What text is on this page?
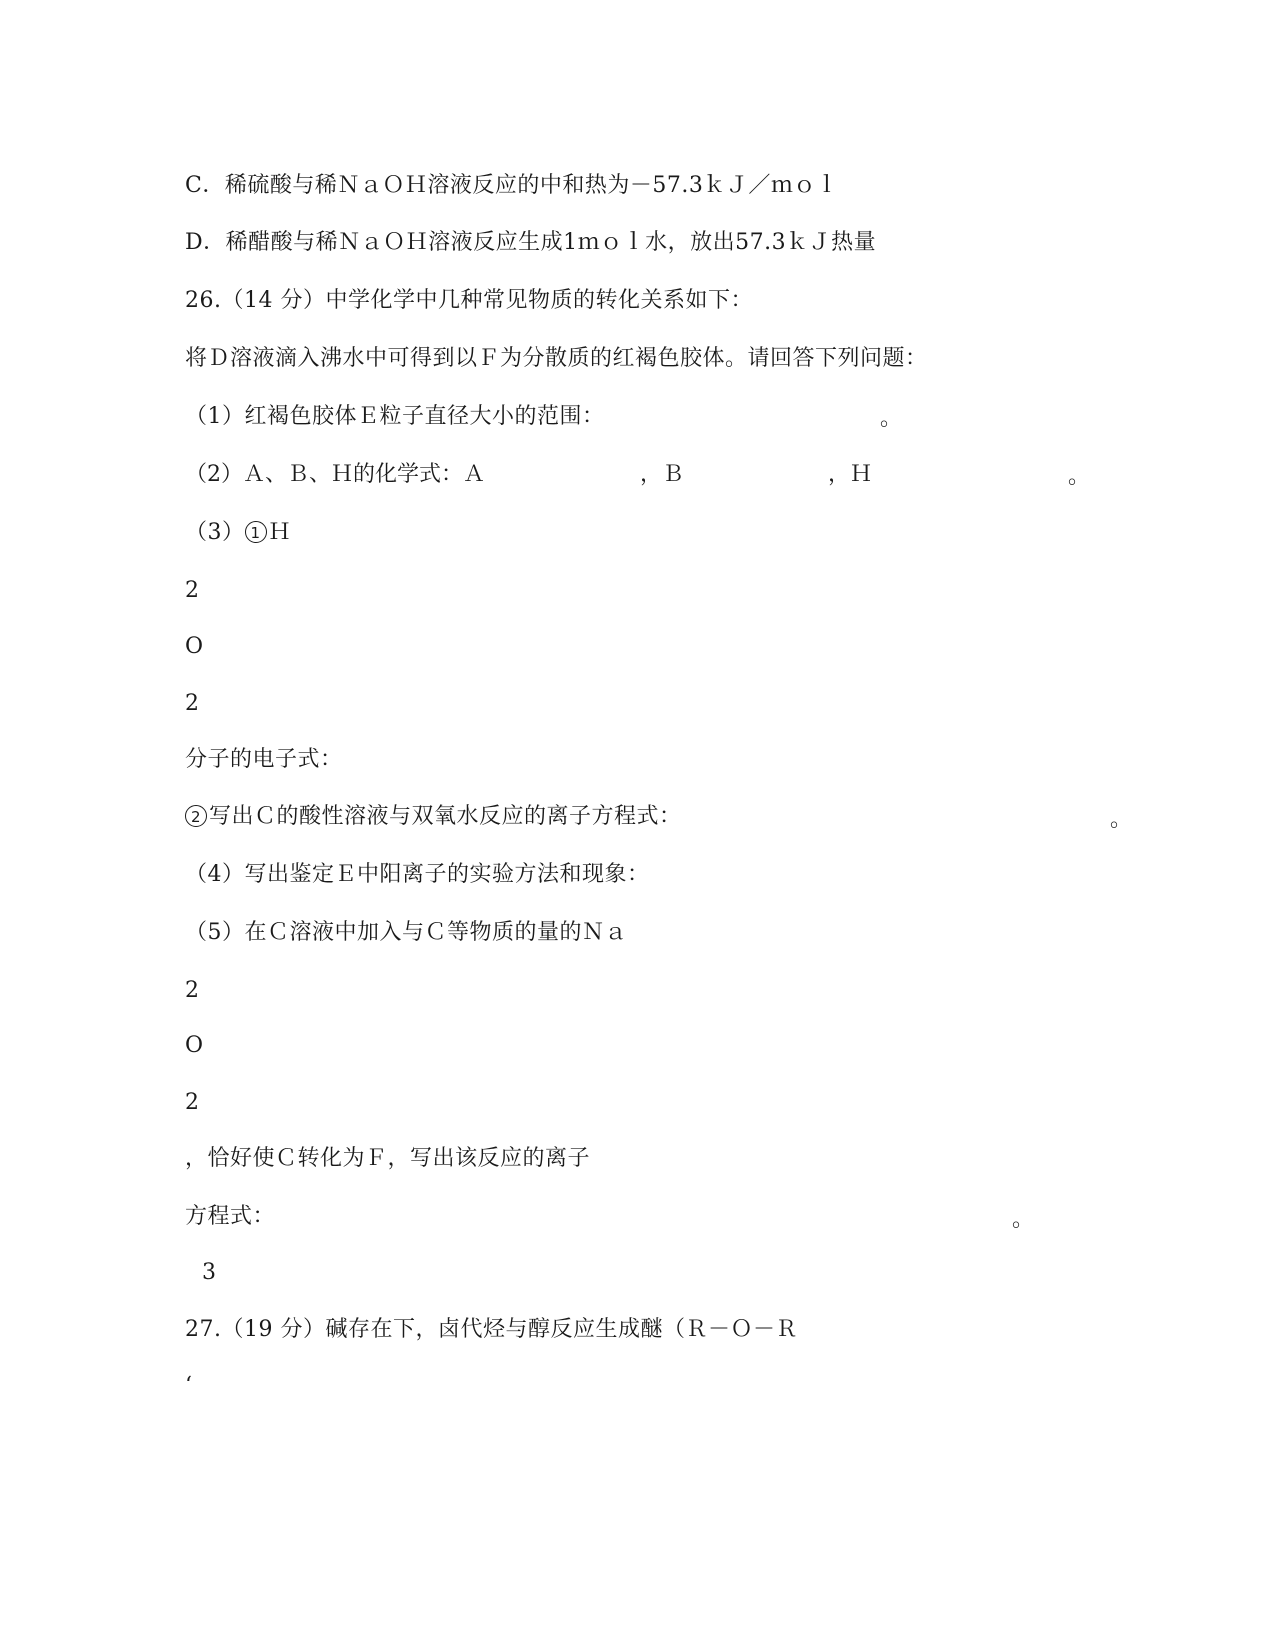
C．稀硫酸与稀ＮａＯＨ溶液反应的中和热为－57.3ｋＪ／ｍｏｌ
D．稀醋酸与稀ＮａＯＨ溶液反应生成1ｍｏｌ水，放出57.3ｋＪ热量
26.（14 分）中学化学中几种常见物质的转化关系如下：
将Ｄ溶液滴入沸水中可得到以Ｆ为分散质的红褐色胶体。请回答下列问题：
（1）红褐色胶体Ｅ粒子直径大小的范围：	。
（2）Ａ、Ｂ、Ｈ的化学式：Ａ	，Ｂ	，Ｈ	。
（3） 1 Ｈ
2
O
2
分子的电子式：
2 写出Ｃ的酸性溶液与双氧水反应的离子方程式：	。
（4）写出鉴定Ｅ中阳离子的实验方法和现象：
（5）在Ｃ溶液中加入与Ｃ等物质的量的Ｎａ
2
O
2
，恰好使Ｃ转化为Ｆ，写出该反应的离子
方程式：	。
3
27.（19 分）碱存在下，卤代烃与醇反应生成醚（Ｒ－Ｏ－Ｒ
‘
